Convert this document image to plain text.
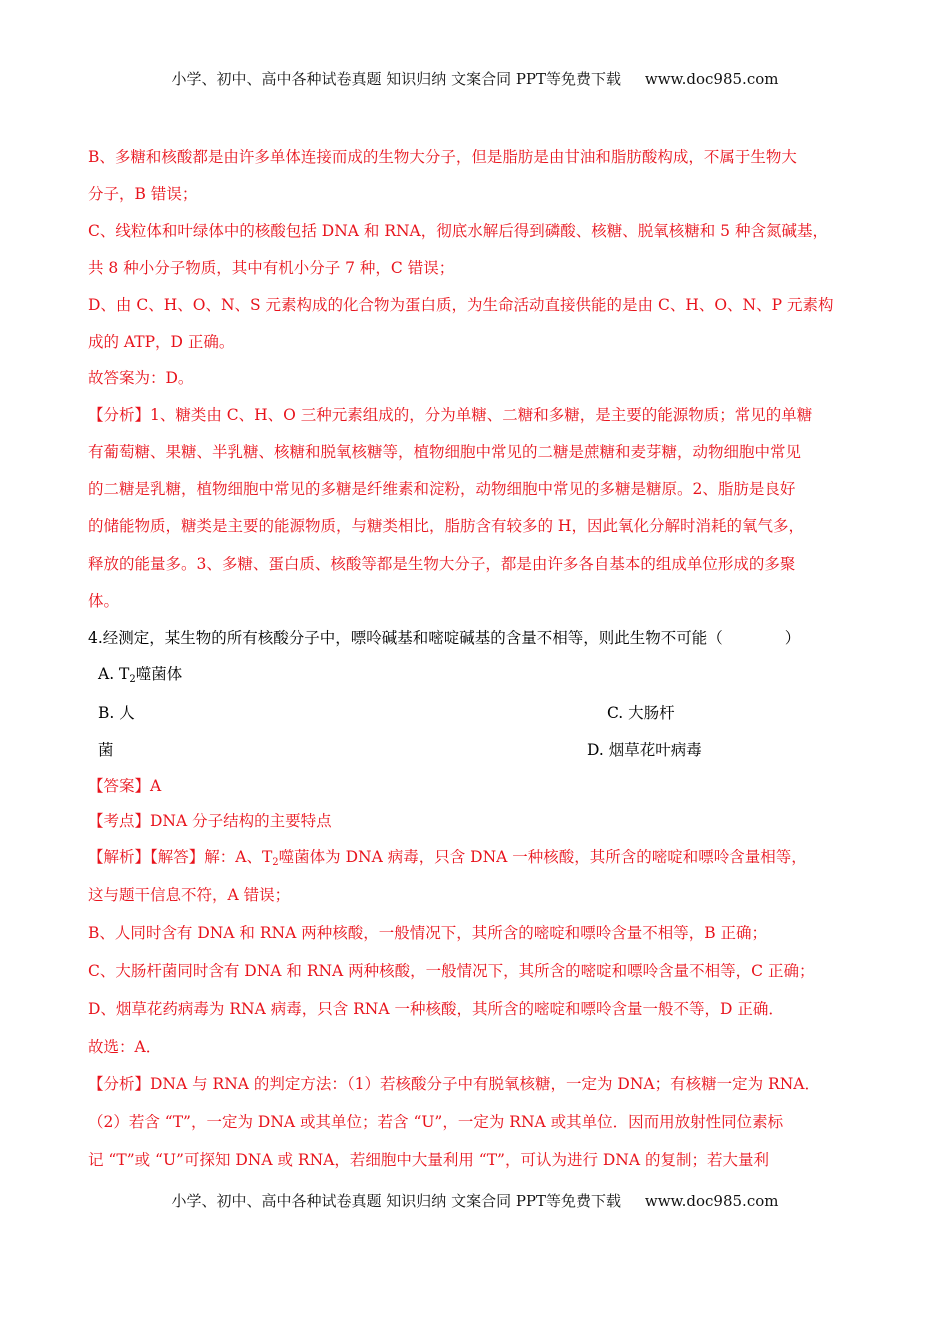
小学、初中、高中各种试卷真题 知识归纳 文案合同 PPT等免费下载 www.doc985.com
B、多糖和核酸都是由许多单体连接而成的生物大分子，但是脂肪是由甘油和脂肪酸构成，不属于生物大
分子，B 错误；
C、线粒体和叶绿体中的核酸包括 DNA 和 RNA，彻底水解后得到磷酸、核糖、脱氧核糖和 5 种含氮碱基，
共 8 种小分子物质，其中有机小分子 7 种，C 错误；
D、由 C、H、O、N、S 元素构成的化合物为蛋白质，为生命活动直接供能的是由 C、H、O、N、P 元素构
成的 ATP，D 正确。
故答案为：D。
【分析】1、糖类由 C、H、O 三种元素组成的，分为单糖、二糖和多糖，是主要的能源物质；常见的单糖
有葡萄糖、果糖、半乳糖、核糖和脱氧核糖等，植物细胞中常见的二糖是蔗糖和麦芽糖，动物细胞中常见
的二糖是乳糖，植物细胞中常见的多糖是纤维素和淀粉，动物细胞中常见的多糖是糖原。2、脂肪是良好
的储能物质，糖类是主要的能源物质，与糖类相比，脂肪含有较多的 H，因此氧化分解时消耗的氧气多，
释放的能量多。3、多糖、蛋白质、核酸等都是生物大分子，都是由许多各自基本的组成单位形成的多聚
体。
4.经测定，某生物的所有核酸分子中，嘌呤碱基和嘧啶碱基的含量不相等，则此生物不可能（　　　　）
A. $T_2$噬菌体
B. 人	C. 大肠杆
菌	D. 烟草花叶病毒
【答案】A
【考点】DNA 分子结构的主要特点
【解析】【解答】解：A、$T_2$噬菌体为 DNA 病毒，只含 DNA 一种核酸，其所含的嘧啶和嘌呤含量相等，
这与题干信息不符，A 错误；
B、人同时含有 DNA 和 RNA 两种核酸，一般情况下，其所含的嘧啶和嘌呤含量不相等，B 正确；
C、大肠杆菌同时含有 DNA 和 RNA 两种核酸，一般情况下，其所含的嘧啶和嘌呤含量不相等，C 正确；
D、烟草花药病毒为 RNA 病毒，只含 RNA 一种核酸，其所含的嘧啶和嘌呤含量一般不等，D 正确．
故选：A．
【分析】DNA 与 RNA 的判定方法：（1）若核酸分子中有脱氧核糖，一定为 DNA；有核糖一定为 RNA．
（2）若含 “T”，一定为 DNA 或其单位；若含 “U”，一定为 RNA 或其单位．因而用放射性同位素标
记 “T”或 “U”可探知 DNA 或 RNA，若细胞中大量利用 “T”，可认为进行 DNA 的复制；若大量利
小学、初中、高中各种试卷真题 知识归纳 文案合同 PPT等免费下载 www.doc985.com
